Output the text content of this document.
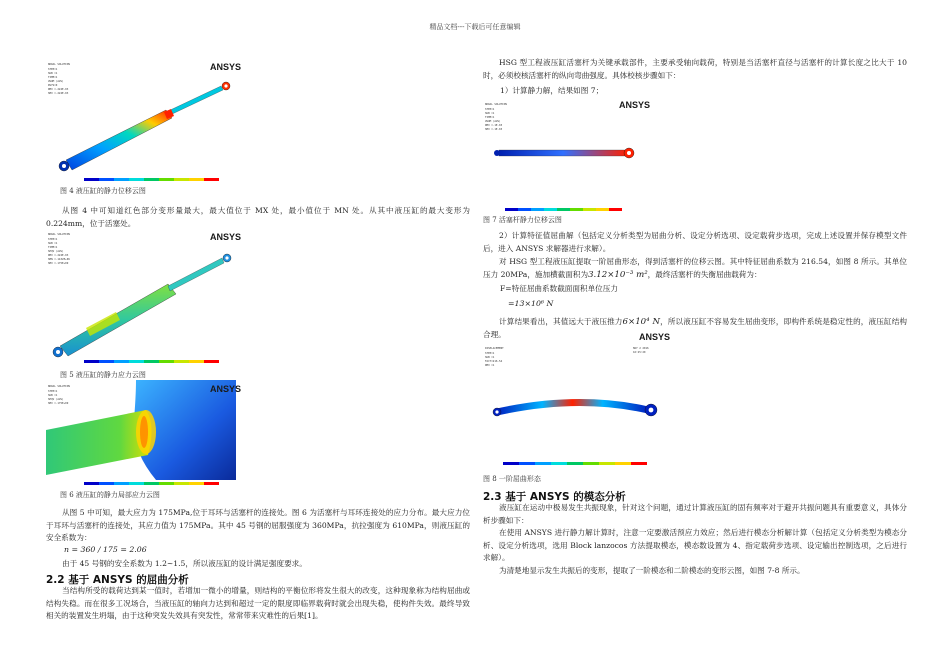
精品文档---下载后可任意编辑
NODAL SOLUTION
STEP=1
SUB =1
TIME=1
USUM (AVG)
RSYS=0
DMX =.224E-03
SMX =.224E-03
ANSYS
图 4 液压缸的静力位移云图
从图 4 中可知道红色部分变形量最大，最大值位于 MX 处，最小值位于 MN 处。从其中液压缸的最大变形为 0.224mm，位于活塞处。
NODAL SOLUTION
STEP=1
SUB =1
TIME=1
SEQV (AVG)
DMX =.224E-03
SMN =.1432E+06
SMX =.175E+09
ANSYS
图 5 液压缸的静力应力云图
NODAL SOLUTION
STEP=1
SUB =1
SEQV (AVG)
SMX =.175E+09
ANSYS
图 6 液压缸的静力局部应力云图
从图 5 中可知，最大应力为 175MPa,位于耳环与活塞杆的连接处。图 6 为活塞杆与耳环连接处的应力分布。最大应力位于耳环与活塞杆的连接处，其应力值为 175MPa。其中 45 号钢的屈服强度为 360MPa，抗拉强度为 610MPa，则液压缸的安全系数为：
n = 360 / 175 = 2.06
由于 45 号钢的安全系数为 1.2~1.5，所以液压缸的设计满足强度要求。
2.2 基于 ANSYS 的屈曲分析
当结构所受的载荷达到某一值时，若增加一微小的增量，则结构的平衡位形将发生很大的改变，这种现象称为结构屈曲或结构失稳。而在很多工况场合，当液压缸的轴向力达到和超过一定的限度即临界载荷时就会出现失稳，使构件失效。最终导致相关的装置发生坍塌，由于这种突发失效具有突发性，常常带来灾难性的后果[1]。
HSG 型工程液压缸活塞杆为关键承载部件，主要承受轴向载荷，特别是当活塞杆直径与活塞杆的计算长度之比大于 10 时，必须校核活塞杆的纵向弯曲强度。具体校核步骤如下：
1）计算静力解，结果如图 7；
NODAL SOLUTION
STEP=1
SUB =1
TIME=1
USUM (AVG)
DMX =.1E-03
SMX =.1E-03
ANSYS
图 7 活塞杆静力位移云图
2）计算特征值屈曲解（包括定义分析类型为屈曲分析、设定分析选项、设定载荷步选项，完成上述设置并保存模型文件后，进入 ANSYS 求解器进行求解）。
对 HSG 型工程液压缸提取一阶屈曲形态，得到活塞杆的位移云图。其中特征屈曲系数为 216.54，如图 8 所示。其单位压力 20MPa，施加横截面积为3.12×10⁻³ m²，最终活塞杆的失衡屈曲载荷为：
F=特征屈曲系数截面面积单位压力
=13×10⁶ N
计算结果看出，其值远大于液压推力6×10⁴ N，所以液压缸不容易发生屈曲变形，即构件系统是稳定性的，液压缸结构合理。
DISPLACEMENT
STEP=1
SUB =1
FACT=216.54
DMX =1
MAY 2 2016
16:25:20
ANSYS
图 8 一阶屈曲形态
2.3 基于 ANSYS 的模态分析
液压缸在运动中极易发生共振现象，针对这个问题，通过计算液压缸的固有频率对于避开共振问题具有重要意义，具体分析步骤如下：
在使用 ANSYS 进行静力解计算时，注意一定要激活预应力效应；然后进行模态分析解计算（包括定义分析类型为模态分析、设定分析选项，选用 Block lanzocos 方法提取模态，模态数设置为 4、指定载荷步选项、设定输出控制选项，之后进行求解）。
为清楚地显示发生共振后的变形，提取了一阶模态和二阶模态的变形云图，如图 7-8 所示。
